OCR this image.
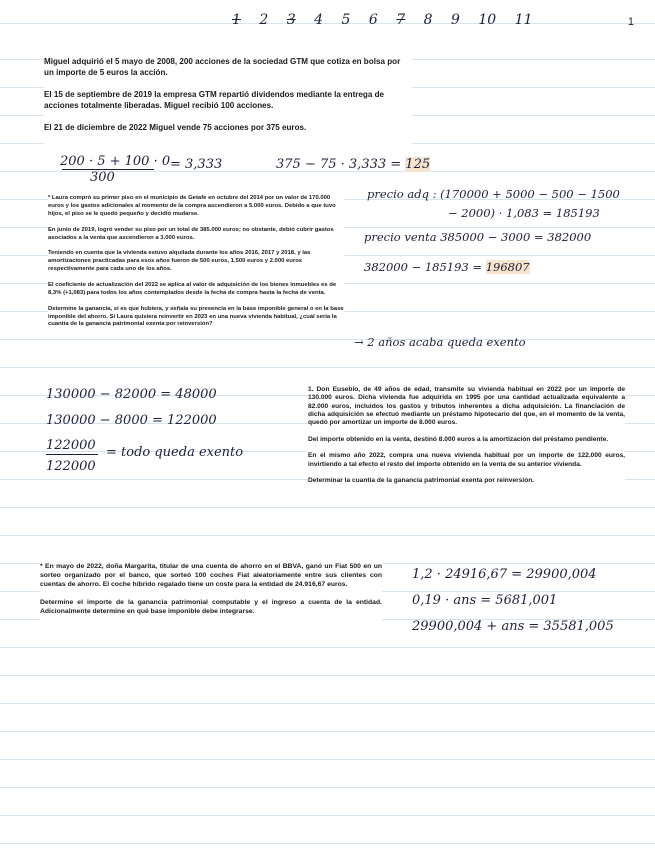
1 2 3 4 5 6 7 8 9 10 11	1

Miguel adquirió el 5 mayo de 2008, 200 acciones de la sociedad GTM que cotiza en bolsa por un importe de 5 euros la acción.

El 15 de septiembre de 2019 la empresa GTM repartió dividendos mediante la entrega de acciones totalmente liberadas. Miguel recibió 100 acciones.

El 21 de diciembre de 2022 Miguel vende 75 acciones por 375 euros.

200 · 5 + 100 · 0
300
= 3,333	375 − 75 · 3,333 = 125

* Laura compró su primer piso en el municipio de Getafe en octubre del 2014 por un valor de 170.000 euros y los gastos adicionales al momento de la compra ascendieron a 5.000 euros. Debido a que tuvo hijos, el piso se le quedó pequeño y decidió mudarse.

En junio de 2019, logró vender su piso por un total de 385.000 euros; no obstante, debió cubrir gastos asociados a la venta que ascendieron a 3.000 euros.

Teniendo en cuenta que la vivienda estuvo alquilada durante los años 2016, 2017 y 2018, y las amortizaciones practicadas para esos años fueron de 500 euros, 1.500 euros y 2.000 euros respectivamente para cada uno de los años.

El coeficiente de actualización del 2022 se aplica al valor de adquisición de los bienes inmuebles es de 8,3% (+1,083) para todos los años contemplados desde la fecha de compra hasta la fecha de venta.

Determine la ganancia, si es que hubiera, y señala su presencia en la base imponible general o en la base imponible del ahorro. Si Laura quisiera reinvertir en 2023 en una nueva vivienda habitual, ¿cuál sería la cuantía de la ganancia patrimonial exenta por reinversión?

precio adq : (170000 + 5000 − 500 − 1500
− 2000) · 1,083 = 185193
precio venta 385000 − 3000 = 382000
382000 − 185193 = 196807
→ 2 años acaba queda exento

1. Don Eusebio, de 49 años de edad, transmite su vivienda habitual en 2022 por un importe de 130.000 euros. Dicha vivienda fue adquirida en 1995 por una cantidad actualizada equivalente a 82.000 euros, incluidos los gastos y tributos inherentes a dicha adquisición. La financiación de dicha adquisición se efectuó mediante un préstamo hipotecario del que, en el momento de la venta, quedó por amortizar un importe de 8.000 euros.

Del importe obtenido en la venta, destinó 8.000 euros a la amortización del préstamo pendiente.

En el mismo año 2022, compra una nueva vivienda habitual por un importe de 122.000 euros, invirtiendo a tal efecto el resto del importe obtenido en la venta de su anterior vivienda.

Determinar la cuantía de la ganancia patrimonial exenta por reinversión.

130000 − 82000 = 48000
130000 − 8000 = 122000
122000 = todo queda exento
122000

* En mayo de 2022, doña Margarita, titular de una cuenta de ahorro en el BBVA, ganó un Fiat 500 en un sorteo organizado por el banco, que sorteó 100 coches Fiat aleatoriamente entre sus clientes con cuentas de ahorro. El coche híbrido regalado tiene un coste para la entidad de 24.916,67 euros.

Determine el importe de la ganancia patrimonial computable y el ingreso a cuenta de la entidad. Adicionalmente determine en qué base imponible debe integrarse.

1,2 · 24916,67 = 29900,004
0,19 · ans = 5681,001
29900,004 + ans = 35581,005
